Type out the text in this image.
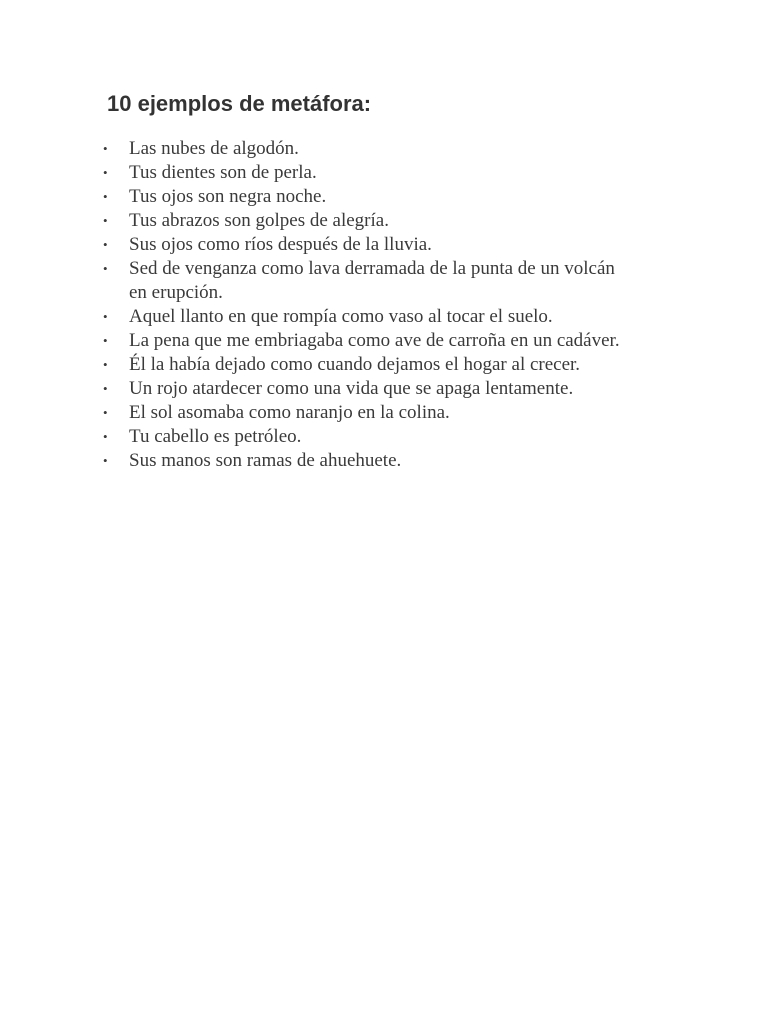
10 ejemplos de metáfora:
• Las nubes de algodón.
• Tus dientes son de perla.
• Tus ojos son negra noche.
• Tus abrazos son golpes de alegría.
• Sus ojos como ríos después de la lluvia.
• Sed de venganza como lava derramada de la punta de un volcán en erupción.
• Aquel llanto en que rompía como vaso al tocar el suelo.
• La pena que me embriagaba como ave de carroña en un cadáver.
• Él la había dejado como cuando dejamos el hogar al crecer.
• Un rojo atardecer como una vida que se apaga lentamente.
• El sol asomaba como naranjo en la colina.
• Tu cabello es petróleo.
• Sus manos son ramas de ahuehuete.
